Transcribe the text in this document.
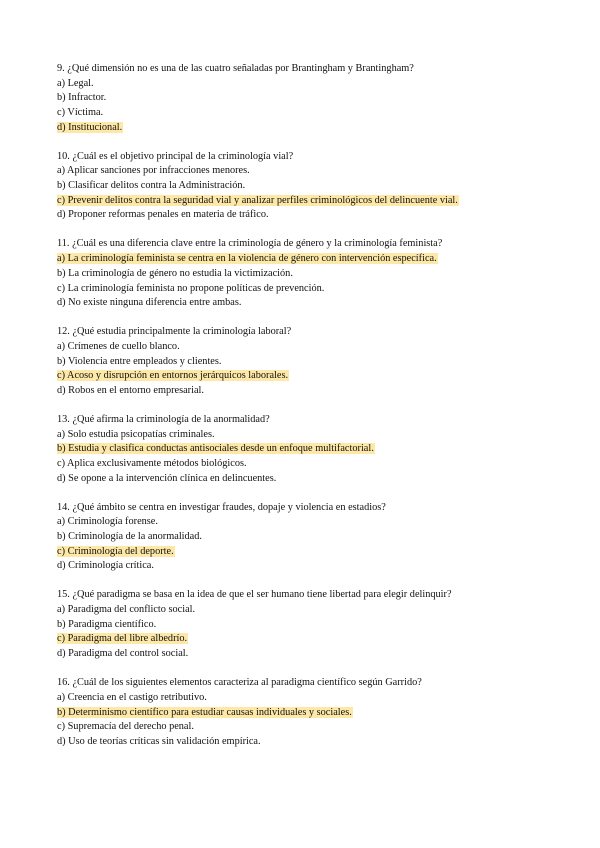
9. ¿Qué dimensión no es una de las cuatro señaladas por Brantingham y Brantingham?
a) Legal.
b) Infractor.
c) Víctima.
d) Institucional.
10. ¿Cuál es el objetivo principal de la criminología vial?
a) Aplicar sanciones por infracciones menores.
b) Clasificar delitos contra la Administración.
c) Prevenir delitos contra la seguridad vial y analizar perfiles criminológicos del delincuente vial.
d) Proponer reformas penales en materia de tráfico.
11. ¿Cuál es una diferencia clave entre la criminología de género y la criminología feminista?
a) La criminología feminista se centra en la violencia de género con intervención específica.
b) La criminología de género no estudia la victimización.
c) La criminología feminista no propone políticas de prevención.
d) No existe ninguna diferencia entre ambas.
12. ¿Qué estudia principalmente la criminología laboral?
a) Crímenes de cuello blanco.
b) Violencia entre empleados y clientes.
c) Acoso y disrupción en entornos jerárquicos laborales.
d) Robos en el entorno empresarial.
13. ¿Qué afirma la criminología de la anormalidad?
a) Solo estudia psicopatías criminales.
b) Estudia y clasifica conductas antisociales desde un enfoque multifactorial.
c) Aplica exclusivamente métodos biológicos.
d) Se opone a la intervención clínica en delincuentes.
14. ¿Qué ámbito se centra en investigar fraudes, dopaje y violencia en estadios?
a) Criminología forense.
b) Criminología de la anormalidad.
c) Criminología del deporte.
d) Criminología crítica.
15. ¿Qué paradigma se basa en la idea de que el ser humano tiene libertad para elegir delinquir?
a) Paradigma del conflicto social.
b) Paradigma científico.
c) Paradigma del libre albedrío.
d) Paradigma del control social.
16. ¿Cuál de los siguientes elementos caracteriza al paradigma científico según Garrido?
a) Creencia en el castigo retributivo.
b) Determinismo científico para estudiar causas individuales y sociales.
c) Supremacía del derecho penal.
d) Uso de teorías críticas sin validación empírica.
